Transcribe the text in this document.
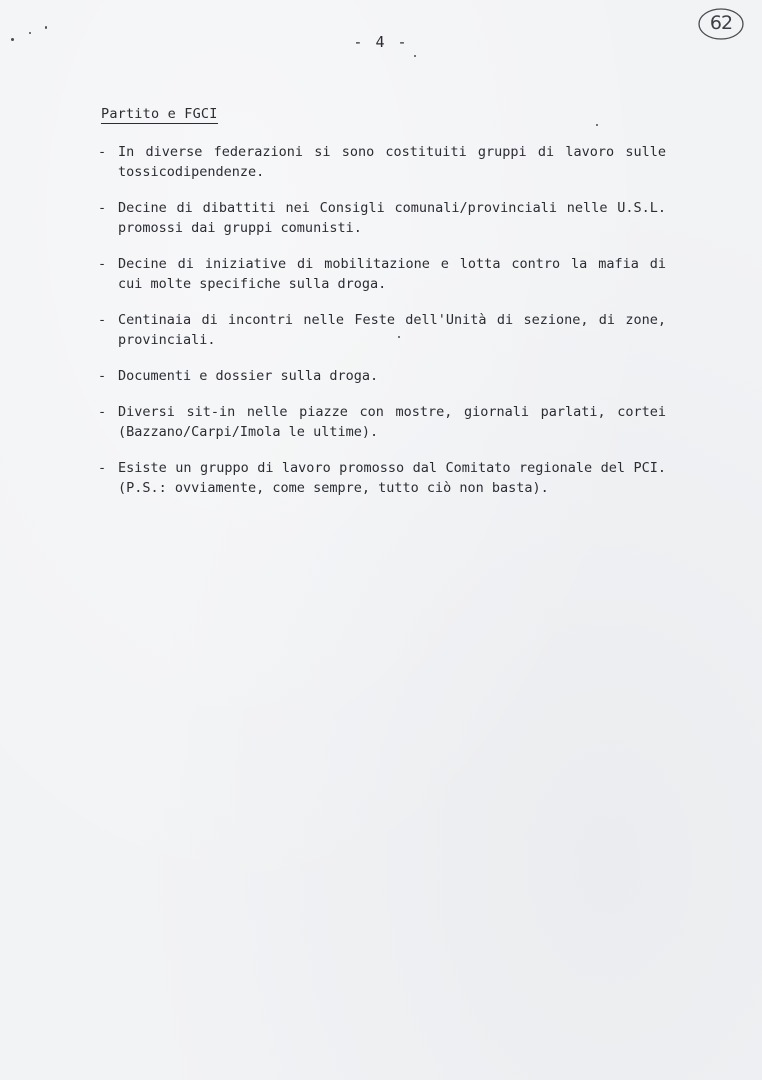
- 4 -
62
Partito e FGCI
- In diverse federazioni si sono costituiti gruppi di lavoro sulle tossicodipendenze.
- Decine di dibattiti nei Consigli comunali/provinciali nelle U.S.L. promossi dai gruppi comunisti.
- Decine di iniziative di mobilitazione e lotta contro la mafia di cui molte specifiche sulla droga.
- Centinaia di incontri nelle Feste dell'Unità di sezione, di zone, provinciali.
- Documenti e dossier sulla droga.
- Diversi sit-in nelle piazze con mostre, giornali parlati, cortei (Bazzano/Carpi/Imola le ultime).
- Esiste un gruppo di lavoro promosso dal Comitato regionale del PCI. (P.S.: ovviamente, come sempre, tutto ciò non basta).
